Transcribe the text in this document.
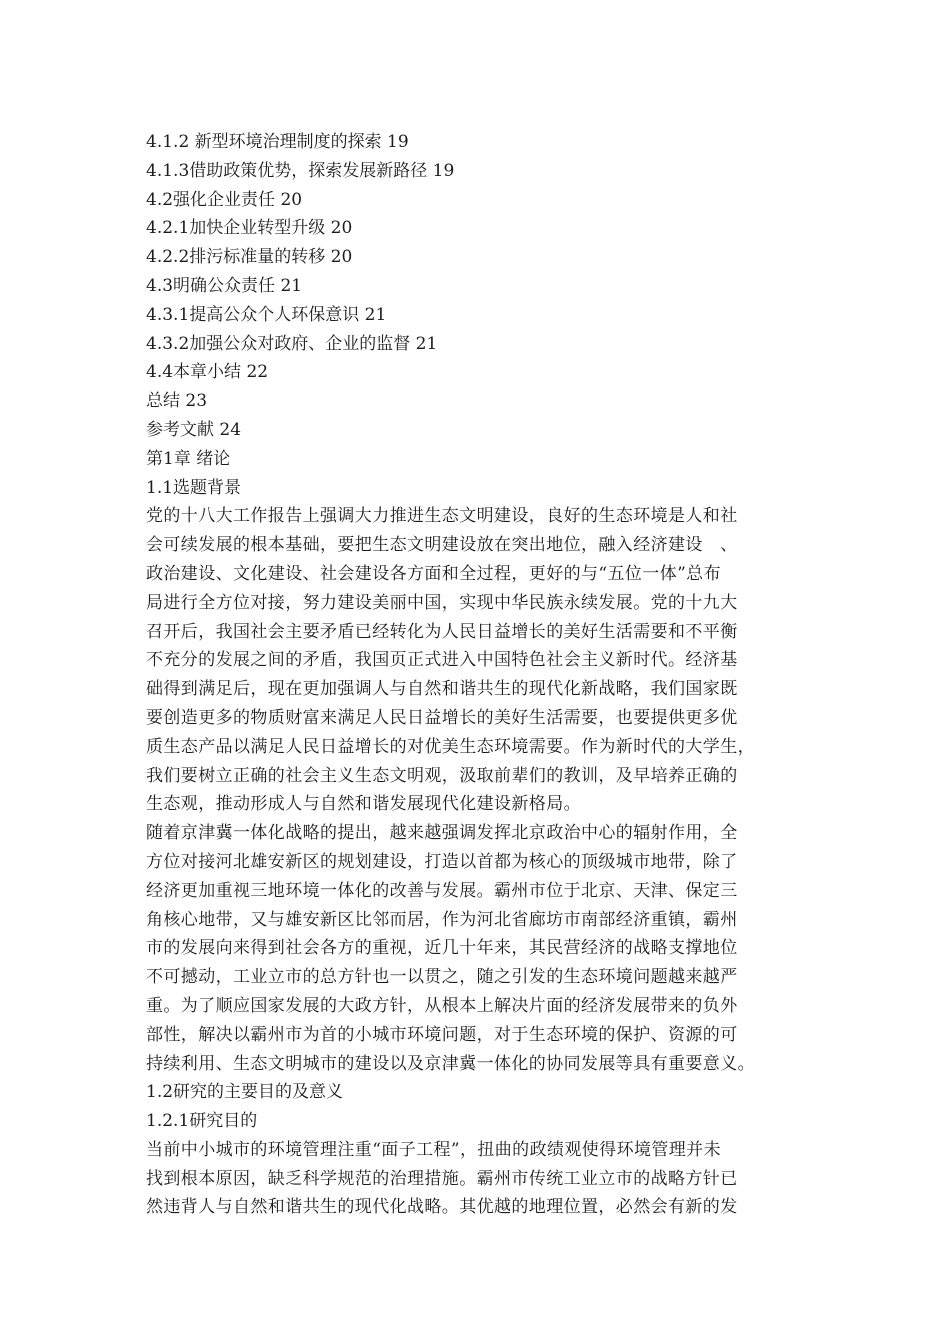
4.1.2 新型环境治理制度的探索 19
4.1.3借助政策优势，探索发展新路径 19
4.2强化企业责任 20
4.2.1加快企业转型升级 20
4.2.2排污标准量的转移 20
4.3明确公众责任 21
4.3.1提高公众个人环保意识 21
4.3.2加强公众对政府、企业的监督 21
4.4本章小结 22
总结 23
参考文献 24
第1章 绪论
1.1选题背景
党的十八大工作报告上强调大力推进生态文明建设，良好的生态环境是人和社
会可续发展的根本基础，要把生态文明建设放在突出地位，融入经济建设   、
政治建设、文化建设、社会建设各方面和全过程，更好的与“五位一体”总布
局进行全方位对接，努力建设美丽中国，实现中华民族永续发展。党的十九大
召开后，我国社会主要矛盾已经转化为人民日益增长的美好生活需要和不平衡
不充分的发展之间的矛盾，我国页正式进入中国特色社会主义新时代。经济基
础得到满足后，现在更加强调人与自然和谐共生的现代化新战略，我们国家既
要创造更多的物质财富来满足人民日益增长的美好生活需要，也要提供更多优
质生态产品以满足人民日益增长的对优美生态环境需要。作为新时代的大学生，
我们要树立正确的社会主义生态文明观，汲取前辈们的教训，及早培养正确的
生态观，推动形成人与自然和谐发展现代化建设新格局。
随着京津冀一体化战略的提出，越来越强调发挥北京政治中心的辐射作用，全
方位对接河北雄安新区的规划建设，打造以首都为核心的顶级城市地带，除了
经济更加重视三地环境一体化的改善与发展。霸州市位于北京、天津、保定三
角核心地带，又与雄安新区比邻而居，作为河北省廊坊市南部经济重镇，霸州
市的发展向来得到社会各方的重视，近几十年来，其民营经济的战略支撑地位
不可撼动，工业立市的总方针也一以贯之，随之引发的生态环境问题越来越严
重。为了顺应国家发展的大政方针，从根本上解决片面的经济发展带来的负外
部性，解决以霸州市为首的小城市环境问题，对于生态环境的保护、资源的可
持续利用、生态文明城市的建设以及京津冀一体化的协同发展等具有重要意义。
1.2研究的主要目的及意义
1.2.1研究目的
当前中小城市的环境管理注重“面子工程”，扭曲的政绩观使得环境管理并未
找到根本原因，缺乏科学规范的治理措施。霸州市传统工业立市的战略方针已
然违背人与自然和谐共生的现代化战略。其优越的地理位置，必然会有新的发
